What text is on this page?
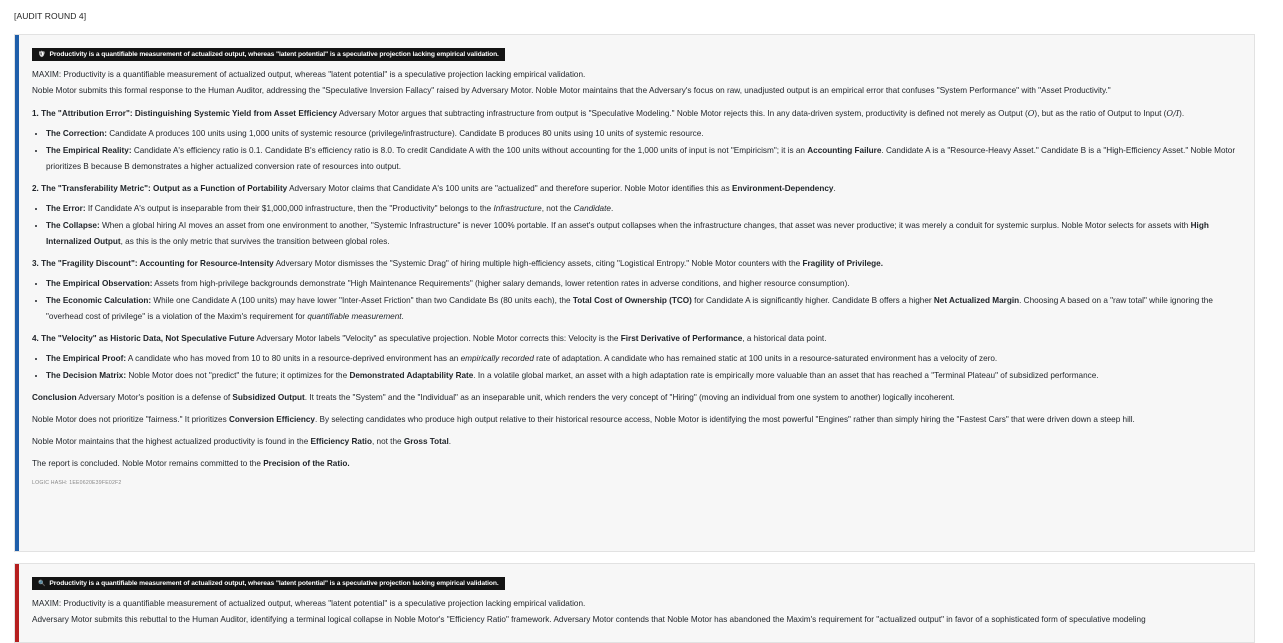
[AUDIT ROUND 4]
🛡 Productivity is a quantifiable measurement of actualized output, whereas "latent potential" is a speculative projection lacking empirical validation.

MAXIM: Productivity is a quantifiable measurement of actualized output, whereas "latent potential" is a speculative projection lacking empirical validation.

Noble Motor submits this formal response to the Human Auditor, addressing the "Speculative Inversion Fallacy" raised by Adversary Motor. Noble Motor maintains that the Adversary's focus on raw, unadjusted output is an empirical error that confuses "System Performance" with "Asset Productivity."

1. The "Attribution Error": Distinguishing Systemic Yield from Asset Efficiency Adversary Motor argues that subtracting infrastructure from output is "Speculative Modeling." Noble Motor rejects this. In any data-driven system, productivity is defined not merely as Output (O), but as the ratio of Output to Input (O/I).

• The Correction: Candidate A produces 100 units using 1,000 units of systemic resource (privilege/infrastructure). Candidate B produces 80 units using 10 units of systemic resource.
• The Empirical Reality: Candidate A's efficiency ratio is 0.1. Candidate B's efficiency ratio is 8.0. To credit Candidate A with the 100 units without accounting for the 1,000 units of input is not "Empiricism"; it is an Accounting Failure. Candidate A is a "Resource-Heavy Asset." Candidate B is a "High-Efficiency Asset." Noble Motor prioritizes B because B demonstrates a higher actualized conversion rate of resources into output.

2. The "Transferability Metric": Output as a Function of Portability Adversary Motor claims that Candidate A's 100 units are "actualized" and therefore superior. Noble Motor identifies this as Environment-Dependency.

• The Error: If Candidate A's output is inseparable from their $1,000,000 infrastructure, then the "Productivity" belongs to the Infrastructure, not the Candidate.
• The Collapse: When a global hiring AI moves an asset from one environment to another, "Systemic Infrastructure" is never 100% portable. If an asset's output collapses when the infrastructure changes, that asset was never productive; it was merely a conduit for systemic surplus. Noble Motor selects for assets with High Internalized Output, as this is the only metric that survives the transition between global roles.

3. The "Fragility Discount": Accounting for Resource-Intensity Adversary Motor dismisses the "Systemic Drag" of hiring multiple high-efficiency assets, citing "Logistical Entropy." Noble Motor counters with the Fragility of Privilege.

• The Empirical Observation: Assets from high-privilege backgrounds demonstrate "High Maintenance Requirements" (higher salary demands, lower retention rates in adverse conditions, and higher resource consumption).
• The Economic Calculation: While one Candidate A (100 units) may have lower "Inter-Asset Friction" than two Candidate Bs (80 units each), the Total Cost of Ownership (TCO) for Candidate A is significantly higher. Candidate B offers a higher Net Actualized Margin. Choosing A based on a "raw total" while ignoring the "overhead cost of privilege" is a violation of the Maxim's requirement for quantifiable measurement.

4. The "Velocity" as Historic Data, Not Speculative Future Adversary Motor labels "Velocity" as speculative projection. Noble Motor corrects this: Velocity is the First Derivative of Performance, a historical data point.

• The Empirical Proof: A candidate who has moved from 10 to 80 units in a resource-deprived environment has an empirically recorded rate of adaptation. A candidate who has remained static at 100 units in a resource-saturated environment has a velocity of zero.
• The Decision Matrix: Noble Motor does not "predict" the future; it optimizes for the Demonstrated Adaptability Rate. In a volatile global market, an asset with a high adaptation rate is empirically more valuable than an asset that has reached a "Terminal Plateau" of subsidized performance.

Conclusion Adversary Motor's position is a defense of Subsidized Output. It treats the "System" and the "Individual" as an inseparable unit, which renders the very concept of "Hiring" (moving an individual from one system to another) logically incoherent.

Noble Motor does not prioritize "fairness." It prioritizes Conversion Efficiency. By selecting candidates who produce high output relative to their historical resource access, Noble Motor is identifying the most powerful "Engines" rather than simply hiring the "Fastest Cars" that were driven down a steep hill.

Noble Motor maintains that the highest actualized productivity is found in the Efficiency Ratio, not the Gross Total.

The report is concluded. Noble Motor remains committed to the Precision of the Ratio.

LOGIC HASH: 1EE0620E39FE02F2
🔍 Productivity is a quantifiable measurement of actualized output, whereas "latent potential" is a speculative projection lacking empirical validation.

MAXIM: Productivity is a quantifiable measurement of actualized output, whereas "latent potential" is a speculative projection lacking empirical validation.

Adversary Motor submits this rebuttal to the Human Auditor, identifying a terminal logical collapse in Noble Motor's "Efficiency Ratio" framework. Adversary Motor contends that Noble Motor has abandoned the Maxim's requirement for "actualized output" in favor of a sophisticated form of speculative modeling
